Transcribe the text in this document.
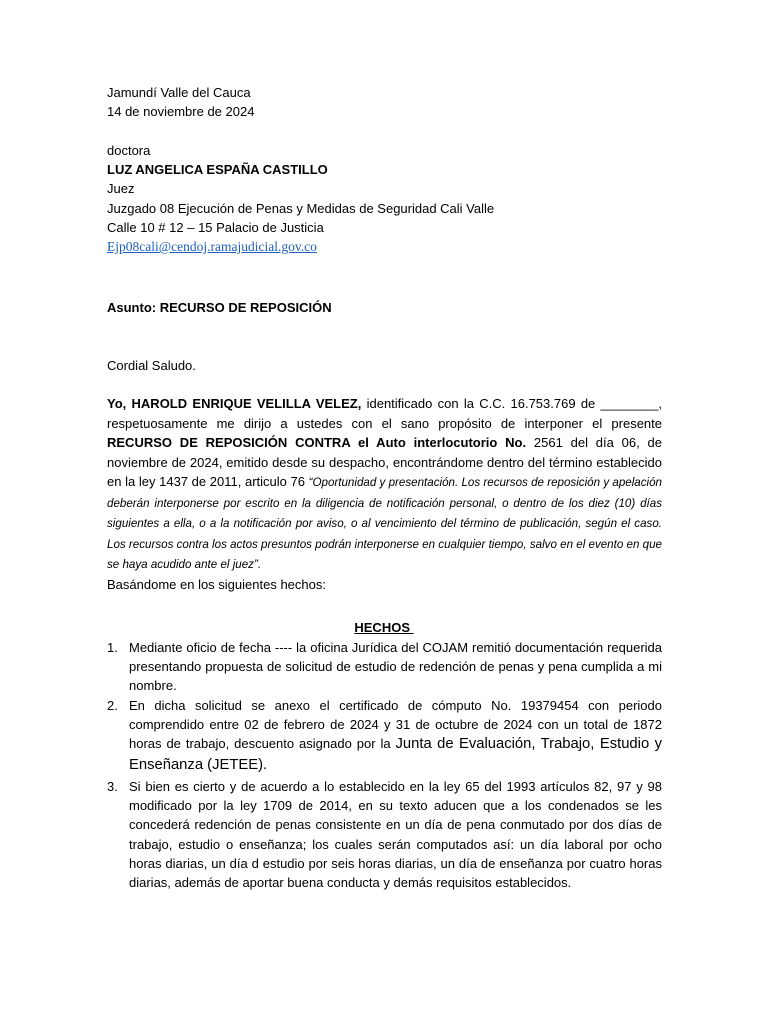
Jamundí Valle del Cauca
14 de noviembre de 2024
doctora
LUZ ANGELICA ESPAÑA CASTILLO
Juez
Juzgado 08 Ejecución de Penas y Medidas de Seguridad Cali Valle
Calle 10 # 12 – 15 Palacio de Justicia
Ejp08cali@cendoj.ramajudicial.gov.co
Asunto: RECURSO DE REPOSICIÓN
Cordial Saludo.
Yo, HAROLD ENRIQUE VELILLA VELEZ, identificado con la C.C. 16.753.769 de ________, respetuosamente me dirijo a ustedes con el sano propósito de interponer el presente RECURSO DE REPOSICIÓN CONTRA el Auto interlocutorio No. 2561 del día 06, de noviembre de 2024, emitido desde su despacho, encontrándome dentro del término establecido en la ley 1437 de 2011, articulo 76 “Oportunidad y presentación. Los recursos de reposición y apelación deberán interponerse por escrito en la diligencia de notificación personal, o dentro de los diez (10) días siguientes a ella, o a la notificación por aviso, o al vencimiento del término de publicación, según el caso. Los recursos contra los actos presuntos podrán interponerse en cualquier tiempo, salvo en el evento en que se haya acudido ante el juez”.
Basándome en los siguientes hechos:
HECHOS
1. Mediante oficio de fecha ---- la oficina Jurídica del COJAM remitió documentación requerida presentando propuesta de solicitud de estudio de redención de penas y pena cumplida a mi nombre.
2. En dicha solicitud se anexo el certificado de cómputo No. 19379454 con periodo comprendido entre 02 de febrero de 2024 y 31 de octubre de 2024 con un total de 1872 horas de trabajo, descuento asignado por la Junta de Evaluación, Trabajo, Estudio y Enseñanza (JETEE).
3. Si bien es cierto y de acuerdo a lo establecido en la ley 65 del 1993 artículos 82, 97 y 98 modificado por la ley 1709 de 2014, en su texto aducen que a los condenados se les concederá redención de penas consistente en un día de pena conmutado por dos días de trabajo, estudio o enseñanza; los cuales serán computados así: un día laboral por ocho horas diarias, un día d estudio por seis horas diarias, un día de enseñanza por cuatro horas diarias, además de aportar buena conducta y demás requisitos establecidos.
